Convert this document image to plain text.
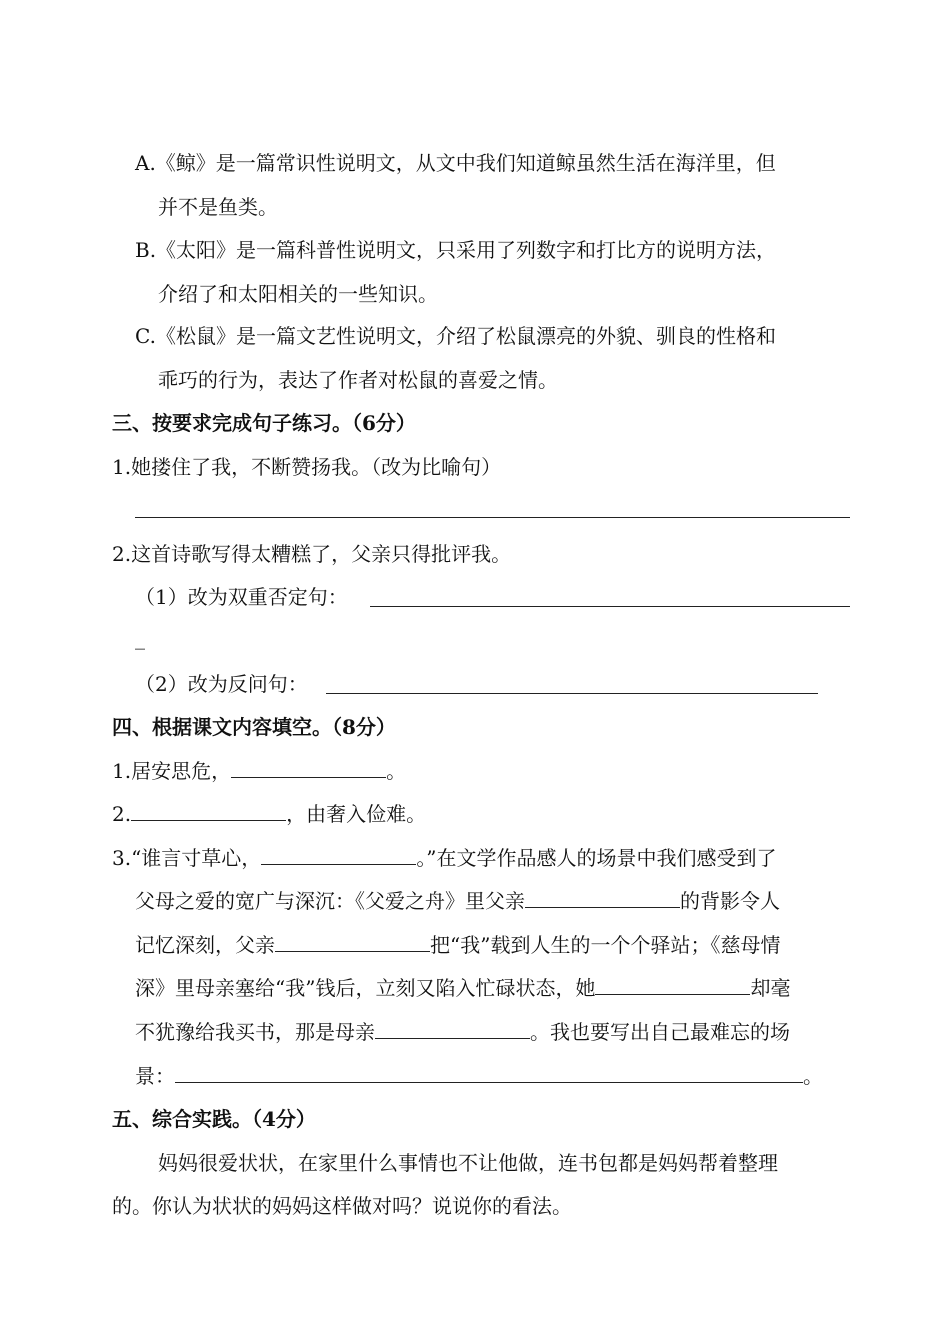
A.《鲸》是一篇常识性说明文，从文中我们知道鲸虽然生活在海洋里，但
并不是鱼类。
B.《太阳》是一篇科普性说明文，只采用了列数字和打比方的说明方法，
介绍了和太阳相关的一些知识。
C.《松鼠》是一篇文艺性说明文，介绍了松鼠漂亮的外貌、驯良的性格和
乖巧的行为，表达了作者对松鼠的喜爱之情。
三、按要求完成句子练习。（6分）
1.她搂住了我，不断赞扬我。（改为比喻句）
2.这首诗歌写得太糟糕了，父亲只得批评我。
（1）改为双重否定句：
_
（2）改为反问句：
四、根据课文内容填空。（8分）
1.居安思危，	。
2.	，由奢入俭难。
3.“谁言寸草心，	。”在文学作品感人的场景中我们感受到了
父母之爱的宽广与深沉：《父爱之舟》里父亲	的背影令人
记忆深刻，父亲	把“我”载到人生的一个个驿站；《慈母情
深》里母亲塞给“我”钱后，立刻又陷入忙碌状态，她	却毫
不犹豫给我买书，那是母亲	。我也要写出自己最难忘的场
景：	。
五、综合实践。（4分）
妈妈很爱状状，在家里什么事情也不让他做，连书包都是妈妈帮着整理
的。你认为状状的妈妈这样做对吗？说说你的看法。
